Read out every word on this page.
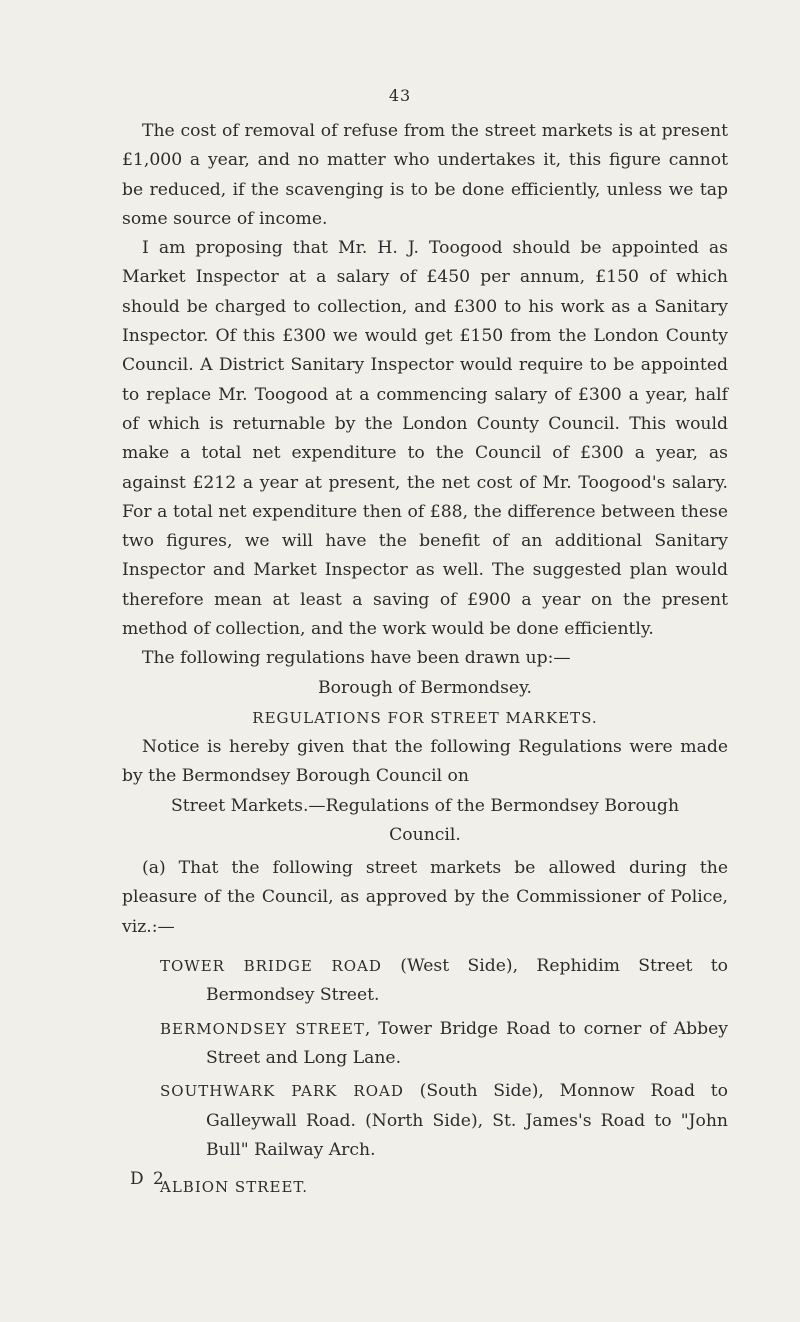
43

The cost of removal of refuse from the street markets is at present £1,000 a year, and no matter who undertakes it, this figure cannot be reduced, if the scavenging is to be done efficiently, unless we tap some source of income.

I am proposing that Mr. H. J. Toogood should be appointed as Market Inspector at a salary of £450 per annum, £150 of which should be charged to collection, and £300 to his work as a Sanitary Inspector. Of this £300 we would get £150 from the London County Council. A District Sanitary Inspector would require to be appointed to replace Mr. Toogood at a commencing salary of £300 a year, half of which is returnable by the London County Council. This would make a total net expenditure to the Council of £300 a year, as against £212 a year at present, the net cost of Mr. Toogood's salary. For a total net expenditure then of £88, the difference between these two figures, we will have the benefit of an additional Sanitary Inspector and Market Inspector as well. The suggested plan would therefore mean at least a saving of £900 a year on the present method of collection, and the work would be done efficiently.

The following regulations have been drawn up:—

Borough of Bermondsey.

REGULATIONS FOR STREET MARKETS.

Notice is hereby given that the following Regulations were made by the Bermondsey Borough Council on

Street Markets.—Regulations of the Bermondsey Borough Council.

(a) That the following street markets be allowed during the pleasure of the Council, as approved by the Commissioner of Police, viz.:—

TOWER BRIDGE ROAD (West Side), Rephidim Street to Bermondsey Street.

BERMONDSEY STREET, Tower Bridge Road to corner of Abbey Street and Long Lane.

SOUTHWARK PARK ROAD (South Side), Monnow Road to Galleywall Road. (North Side), St. James's Road to "John Bull" Railway Arch.

ALBION STREET.

D 2
